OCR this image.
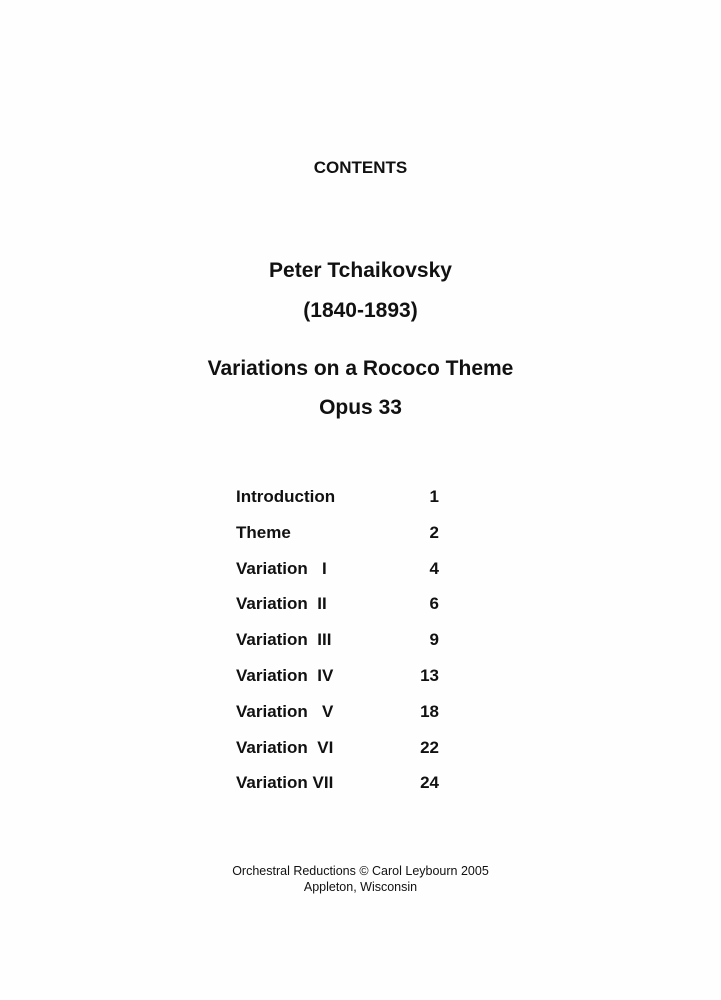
CONTENTS
Peter Tchaikovsky
(1840-1893)
Variations on a Rococo Theme
Opus 33
Introduction	1
Theme	2
Variation   I	4
Variation  II	6
Variation  III	9
Variation  IV	13
Variation   V	18
Variation  VI	22
Variation VII	24
Orchestral Reductions © Carol Leybourn 2005
Appleton, Wisconsin
